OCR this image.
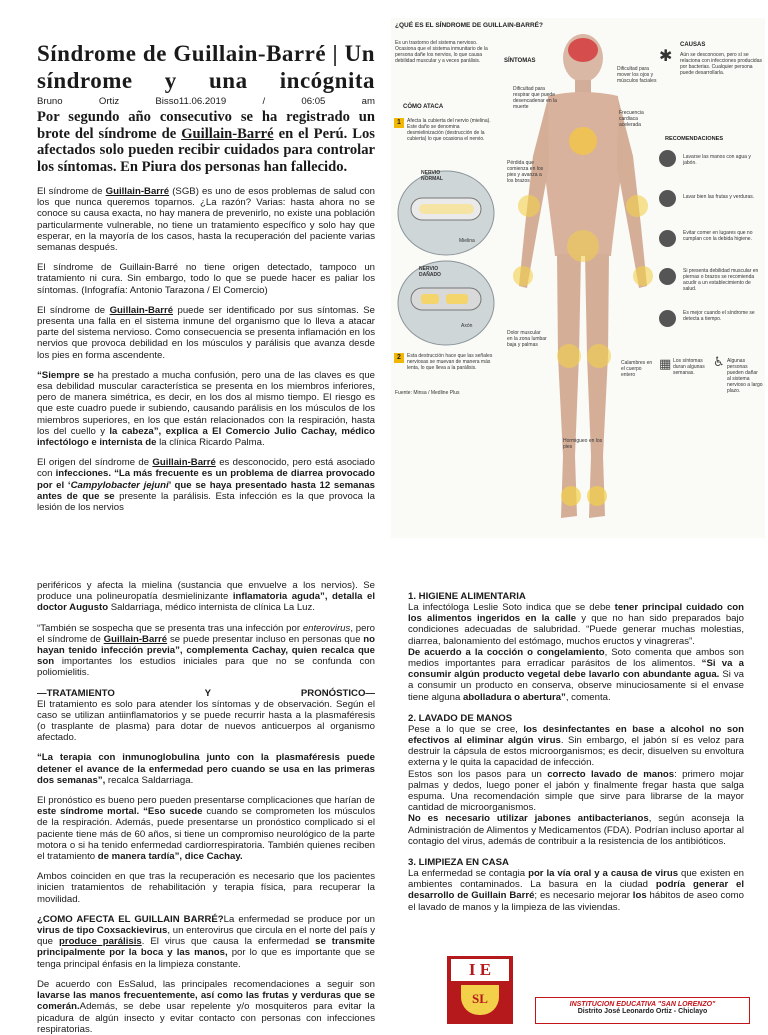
Síndrome de Guillain-Barré | Un síndrome y una incógnita
Bruno	Ortiz	Bisso11.06.2019	/	06:05	am

Por segundo año consecutivo se ha registrado un brote del síndrome de Guillain-Barré en el Perú. Los afectados solo pueden recibir cuidados para controlar los síntomas. En Piura dos personas han fallecido.

El síndrome de Guillain-Barré (SGB) es uno de esos problemas de salud con los que nunca queremos toparnos. ¿La razón? Varias: hasta ahora no se conoce su causa exacta, no hay manera de prevenirlo, no existe una población particularmente vulnerable, no tiene un tratamiento específico y solo hay que esperar, en la mayoría de los casos, hasta la recuperación del paciente varias semanas después.

El síndrome de Guillain-Barré no tiene origen detectado, tampoco un tratamiento ni cura. Sin embargo, todo lo que se puede hacer es paliar los síntomas. (Infografía: Antonio Tarazona / El Comercio)

El síndrome de Guillain-Barré puede ser identificado por sus síntomas. Se presenta una falla en el sistema inmune del organismo que lo lleva a atacar parte del sistema nervioso. Como consecuencia se presenta inflamación en los nervios que provoca debilidad en los músculos y parálisis que avanza desde los pies en forma ascendente.

“Siempre se ha prestado a mucha confusión, pero una de las claves es que esa debilidad muscular característica se presenta en los miembros inferiores, pero de manera simétrica, es decir, en los dos al mismo tiempo. El riesgo es que este cuadro puede ir subiendo, causando parálisis en los músculos de los miembros superiores, en los que están relacionados con la respiración, hasta los del cuello y la cabeza”, explica a El Comercio Julio Cachay, médico infectólogo e internista de la clínica Ricardo Palma.

El origen del síndrome de Guillain-Barré es desconocido, pero está asociado con infecciones. “La más frecuente es un problema de diarrea provocado por el ‘Campylobacter jejuni’ que se haya presentado hasta 12 semanas antes de que se presente la parálisis. Esta infección es la que provoca la lesión de los nervios

¿QUÉ ES EL SÍNDROME DE GUILLAIN-BARRÉ?
Es un trastorno del sistema nervioso. Ocasiona que el sistema inmunitario de la persona dañe los nervios, lo que causa debilidad muscular y a veces parálisis.	SÍNTOMAS
CÓMO ATACA
1	Afecta la cubierta del nervio (mielina). Este daño se denomina desmielinización (destrucción de la cubierta) lo que ocasiona el nervio.
NERVIO NORMAL
NERVIO DAÑADO
Mielina
Axón
2	Esta destrucción hace que las señales nerviosas se muevan de manera más lenta, lo que lleva a la parálisis.
Fuente: Minsa / Medline Plus
Dificultad para mover los ojos y músculos faciales
Dificultad para respirar que puede desencadenar en la muerte
Frecuencia cardiaca acelerada
Pérdida que comienza en los pies y avanza a los brazos
Dolor muscular en la zona lumbar baja y palmas
Calambres en el cuerpo entero
Hormigueo en los pies
✱
CAUSAS
Aún se desconocen, pero sí se relaciona con infecciones producidas por bacterias. Cualquier persona puede desarrollarla.
RECOMENDACIONES
Lavarse las manos con agua y jabón.
Lavar bien las frutas y verduras.
Evitar comer en lugares que no cumplan con la debida higiene.
Si presenta debilidad muscular en piernas o brazos se recomienda acudir a un establecimiento de salud.
Es mejor cuando el síndrome se detecta a tiempo.
▦ Los síntomas duran algunas semanas.
♿ Algunas personas pueden dañar al sistema nervioso a largo plazo.

periféricos y afecta la mielina (sustancia que envuelve a los nervios). Se produce una polineuropatía desmielinizante inflamatoria aguda”, detalla el doctor Augusto Saldarriaga, médico internista de clínica La Luz.

“También se sospecha que se presenta tras una infección por enterovirus, pero el síndrome de Guillain-Barré se puede presentar incluso en personas que no hayan tenido infección previa”, complementa Cachay, quien recalca que son importantes los estudios iniciales para que no se confunda con poliomielitis.

—TRATAMIENTO	Y	PRONÓSTICO—

El tratamiento es solo para atender los síntomas y de observación. Según el caso se utilizan antiinflamatorios y se puede recurrir hasta a la plasmaféresis (o trasplante de plasma) para dotar de nuevos anticuerpos al organismo afectado.

“La terapia con inmunoglobulina junto con la plasmaféresis puede detener el avance de la enfermedad pero cuando se usa en las primeras dos semanas”, recalca Saldarriaga.

El pronóstico es bueno pero pueden presentarse complicaciones que harían de este síndrome mortal. “Eso sucede cuando se comprometen los músculos de la respiración. Además, puede presentarse un pronóstico complicado si el paciente tiene más de 60 años, si tiene un compromiso neurológico de la parte motora o si ha tenido enfermedad cardiorrespiratoria. También quienes reciben el tratamiento de manera tardía”, dice Cachay.

Ambos coinciden en que tras la recuperación es necesario que los pacientes inicien tratamientos de rehabilitación y terapia física, para recuperar la movilidad.

¿COMO AFECTA EL GUILLAIN BARRÉ?La enfermedad se produce por un virus de tipo Coxsackievirus, un enterovirus que circula en el norte del país y que produce parálisis. El virus que causa la enfermedad se transmite principalmente por la boca y las manos, por lo que es importante que se tenga principal énfasis en la limpieza constante.

De acuerdo con EsSalud, las principales recomendaciones a seguir son lavarse las manos frecuentemente, así como las frutas y verduras que se comerán.Además, se debe usar repelente y/o mosquiteros para evitar la picadura de algún insecto y evitar contacto con personas con infecciones respiratorias.

1. HIGIENE ALIMENTARIA

La infectóloga Leslie Soto indica que se debe tener principal cuidado con los alimentos ingeridos en la calle y que no han sido preparados bajo condiciones adecuadas de salubridad. “Puede generar muchas molestias, diarrea, balonamiento del estómago, muchos eructos y vinagreras”.
De acuerdo a la cocción o congelamiento, Soto comenta que ambos son medios importantes para erradicar parásitos de los alimentos. “Si va a consumir algún producto vegetal debe lavarlo con abundante agua. Si va a consumir un producto en conserva, observe minuciosamente si el envase tiene alguna abolladura o abertura”, comenta.

2. LAVADO DE MANOS

Pese a lo que se cree, los desinfectantes en base a alcohol no son efectivos al eliminar algún virus. Sin embargo, el jabón sí es veloz para destruir la cápsula de estos microorganismos; es decir, disuelven su envoltura externa y le quita la capacidad de infección.
Estos son los pasos para un correcto lavado de manos: primero mojar palmas y dedos, luego poner el jabón y finalmente fregar hasta que salga espuma. Una recomendación simple que sirve para librarse de la mayor cantidad de microorganismos.
No es necesario utilizar jabones antibacterianos, según aconseja la Administración de Alimentos y Medicamentos (FDA). Podrían incluso aportar al contagio del virus, además de contribuir a la resistencia de los antibióticos.

3. LIMPIEZA EN CASA

La enfermedad se contagia por la vía oral y a causa de virus que existen en ambientes contaminados. La basura en la ciudad podría generar el desarrollo de Guillain Barré; es necesario mejorar los hábitos de aseo como el lavado de manos y la limpieza de las viviendas.

I E
SL	INSTITUCION EDUCATIVA "SAN LORENZO"
Distrito José Leonardo Ortiz - Chiclayo
